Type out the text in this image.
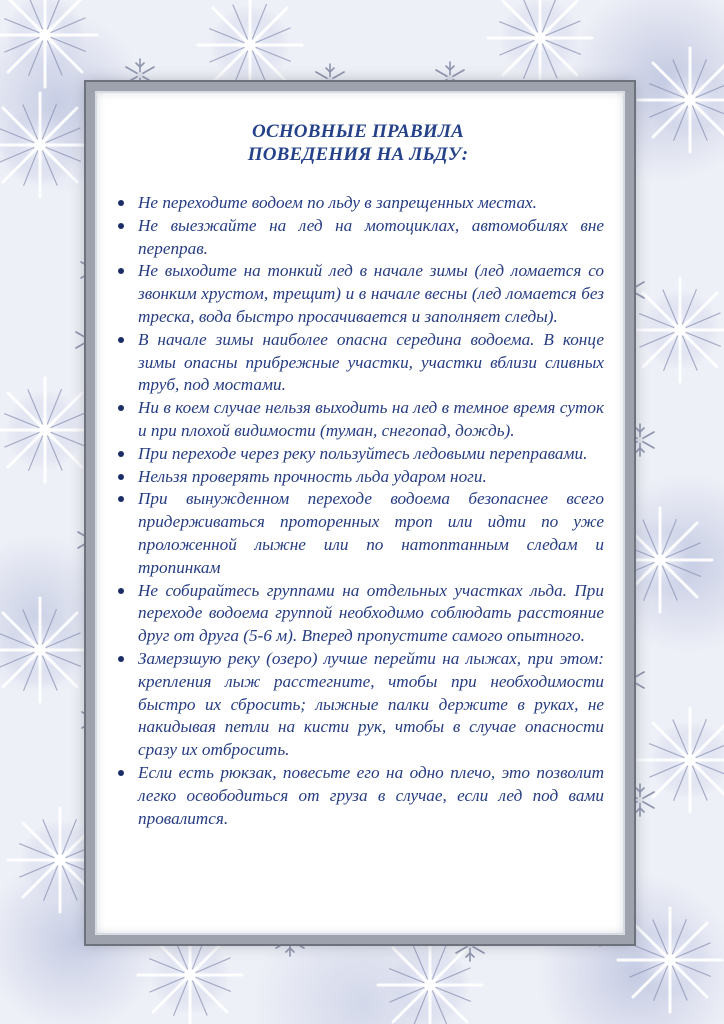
ОСНОВНЫЕ ПРАВИЛА
ПОВЕДЕНИЯ НА ЛЬДУ:
Не переходите водоем по льду в запрещенных местах.
Не выезжайте на лед на мотоциклах, автомобилях вне переправ.
Не выходите на тонкий лед в начале зимы (лед ломается со звонким хрустом, трещит) и в начале весны (лед ломается без треска, вода быстро просачивается и заполняет следы).
В начале зимы наиболее опасна середина водоема. В конце зимы опасны прибрежные участки, участки вблизи сливных труб, под мостами.
Ни в коем случае нельзя выходить на лед в темное время суток и при плохой видимости (туман, снегопад, дождь).
При переходе через реку пользуйтесь ледовыми переправами.
Нельзя проверять прочность льда ударом ноги.
При вынужденном переходе водоема безопаснее всего придерживаться проторенных троп или идти по уже проложенной лыжне или по натоптанным следам и тропинкам
Не собирайтесь группами на отдельных участках льда. При переходе водоема группой необходимо соблюдать расстояние друг от друга (5-6 м). Вперед пропустите самого опытного.
Замерзшую реку (озеро) лучше перейти на лыжах, при этом: крепления лыж расстегните, чтобы при необходимости быстро их сбросить; лыжные палки держите в руках, не накидывая петли на кисти рук, чтобы в случае опасности сразу их отбросить.
Если есть рюкзак, повесьте его на одно плечо, это позволит легко освободиться от груза в случае, если лед под вами провалится.
